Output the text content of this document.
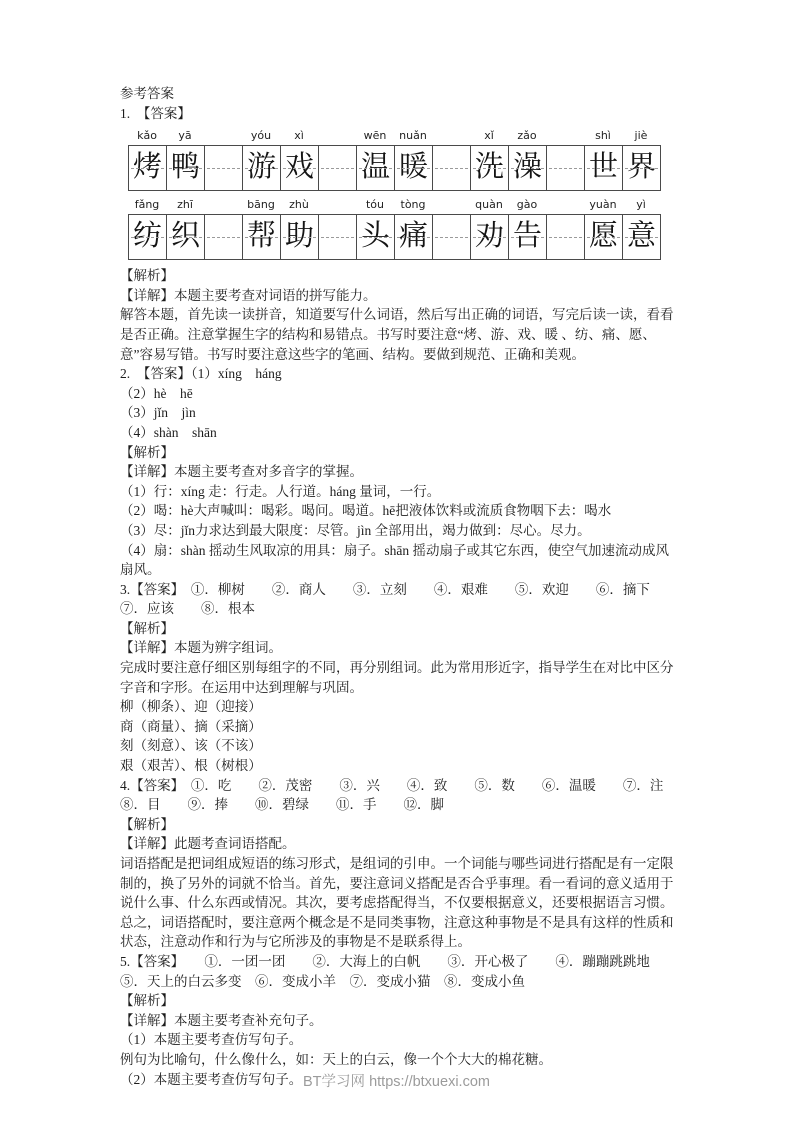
参考答案

1.　【答案】

kǎo	yā	yóu	xì	wēn	nuǎn	xǐ	zǎo	shì	jiè
烤 鸭 游 戏 温 暖 洗 澡 世 界
fǎng	zhī	bāng	zhù	tóu	tòng	quàn	gào	yuàn	yì
纺 织 帮 助 头 痛 劝 告 愿 意

【解析】

【详解】本题主要考查对词语的拼写能力。

解答本题，首先读一读拼音，知道要写什么词语，然后写出正确的词语，写完后读一读，看看是否正确。注意掌握生字的结构和易错点。书写时要注意“烤、游、戏、暖 、纺、痛、愿、意”容易写错。书写时要注意这些字的笔画、结构。要做到规范、正确和美观。

2.　【答案】（1）xíng　háng

（2）hè　hē

（3）jǐn　jìn

（4）shàn　shān

【解析】

【详解】本题主要考查对多音字的掌握。

（1）行：xíng 走：行走。人行道。háng 量词，一行。

（2）喝：hè大声喊叫：喝彩。喝问。喝道。hē把液体饮料或流质食物咽下去：喝水

（3）尽：jǐn力求达到最大限度：尽管。jìn 全部用出，竭力做到：尽心。尽力。

（4）扇：shàn 摇动生风取凉的用具：扇子。shān 摇动扇子或其它东西，使空气加速流动成风扇风。

3.【答案】　①．柳树　　②．商人　　③．立刻　　④．艰难　　⑤．欢迎　　⑥．摘下　⑦．应该　　⑧．根本

【解析】

【详解】本题为辨字组词。

完成时要注意仔细区别每组字的不同，再分别组词。此为常用形近字，指导学生在对比中区分字音和字形。在运用中达到理解与巩固。

柳（柳条）、迎（迎接）

商（商量）、摘（采摘）

刻（刻意）、该（不该）

艰（艰苦）、根（树根）

4.【答案】　①．吃　　②．茂密　　③．兴　　④．致　　⑤．数　　⑥．温暖　　⑦．注　⑧．目　　⑨．捧　　⑩．碧绿　　⑪．手　　⑫．脚

【解析】

【详解】此题考查词语搭配。

词语搭配是把词组成短语的练习形式，是组词的引申。一个词能与哪些词进行搭配是有一定限制的，换了另外的词就不恰当。首先，要注意词义搭配是否合乎事理。看一看词的意义适用于说什么事、什么东西或情况。其次，要考虑搭配得当，不仅要根据意义，还要根据语言习惯。总之，词语搭配时，要注意两个概念是不是同类事物，注意这种事物是不是具有这样的性质和状态，注意动作和行为与它所涉及的事物是不是联系得上。

5.【答案】　　①．一团一团　　②．大海上的白帆　　③．开心极了　　④．蹦蹦跳跳地　⑤．天上的白云多变　⑥．变成小羊　⑦．变成小猫　⑧．变成小鱼

【解析】

【详解】本题主要考查补充句子。

（1）本题主要考查仿写句子。

例句为比喻句，什么像什么，如：天上的白云，像一个个大大的棉花糖。

（2）本题主要考查仿写句子。 BT学习网 https://btxuexi.com
